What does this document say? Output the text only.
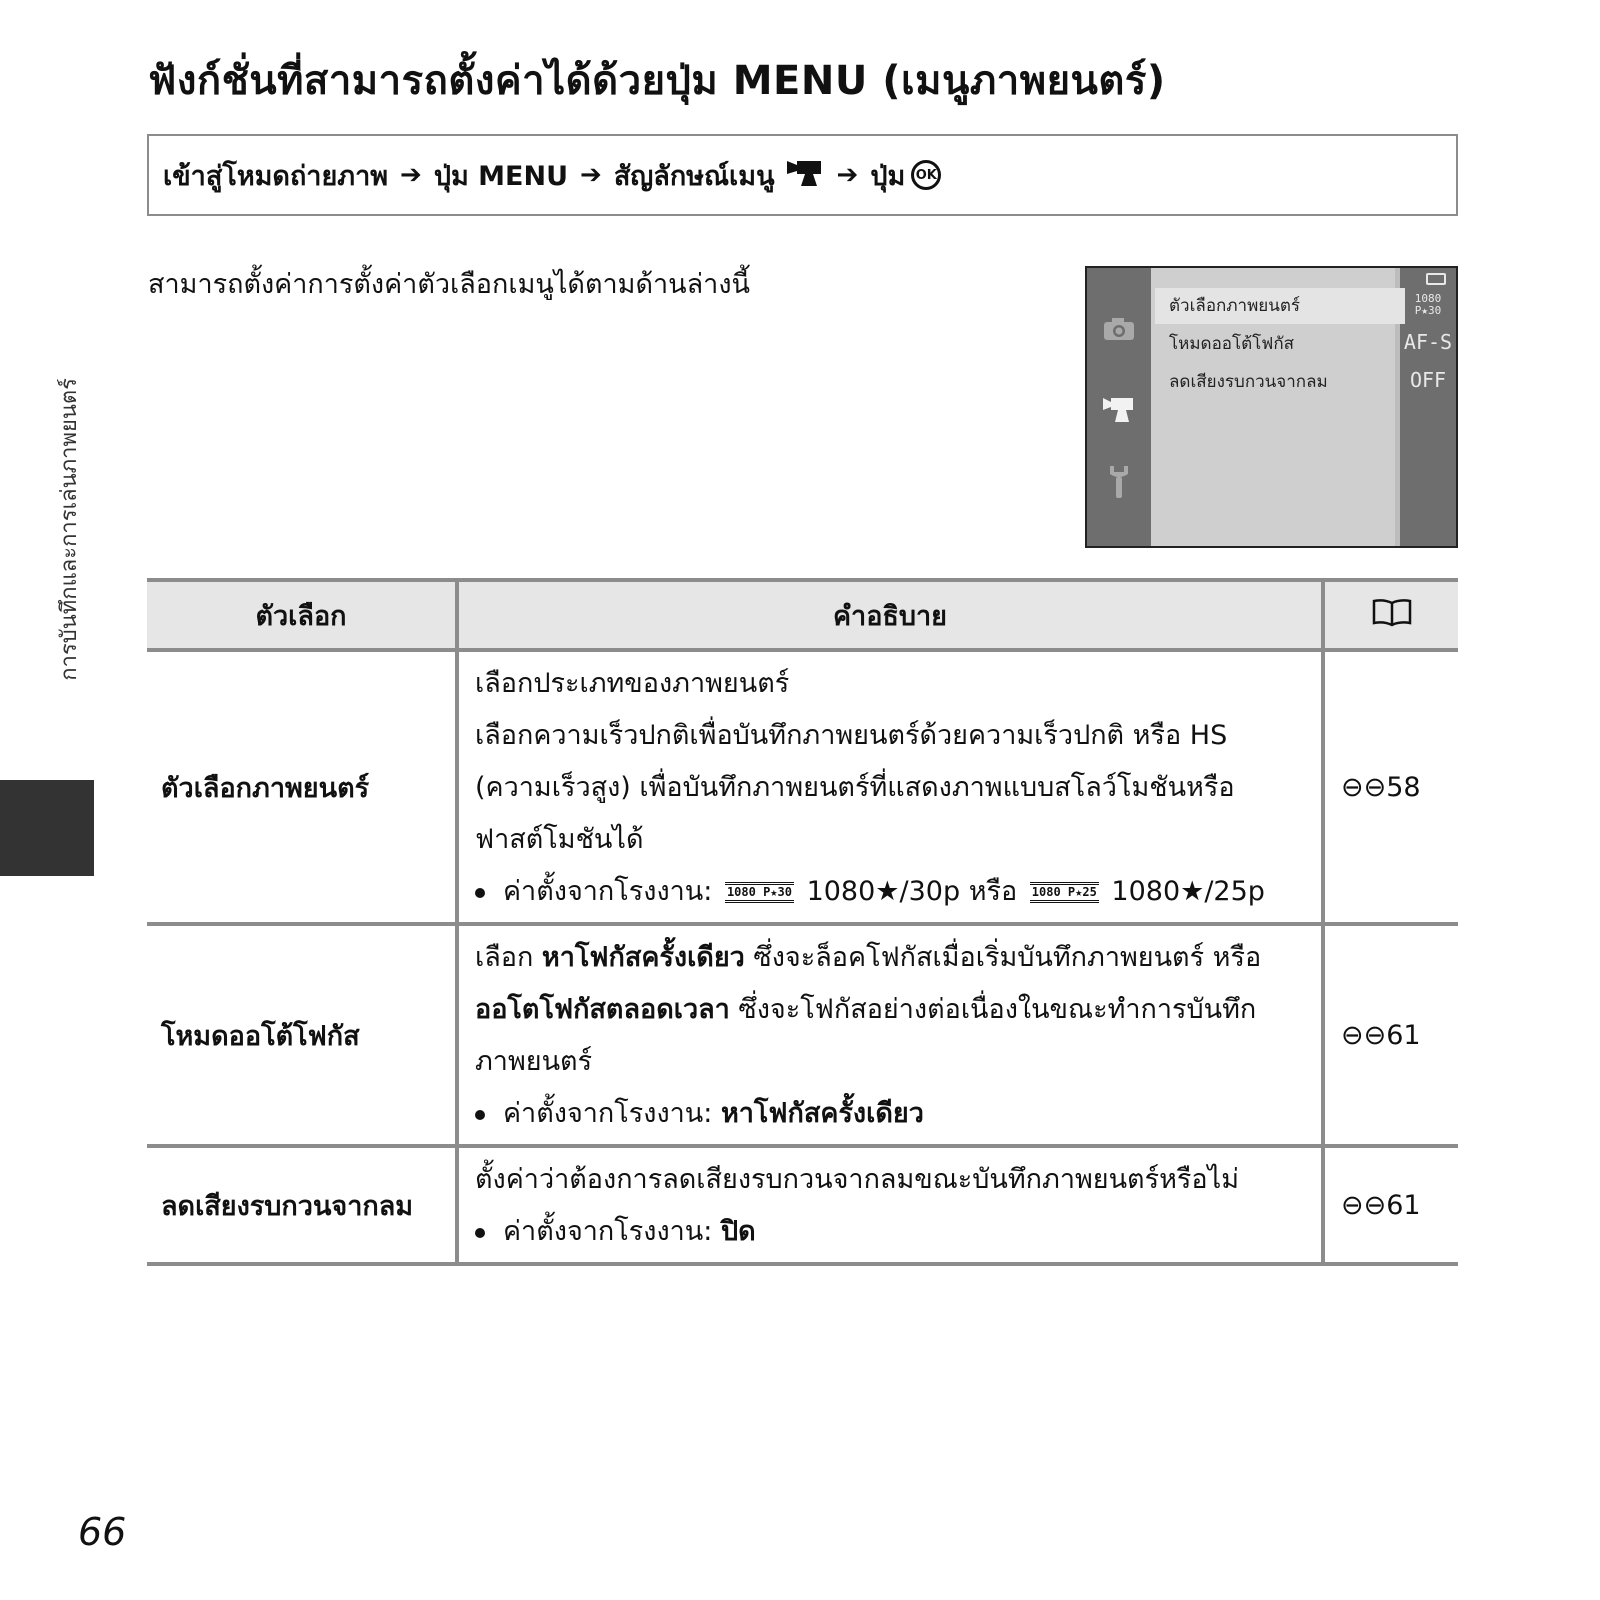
ฟังก์ชั่นที่สามารถตั้งค่าได้ด้วยปุ่ม MENU (เมนูภาพยนตร์)
เข้าสู่โหมดถ่ายภาพ ➔ ปุ่ม MENU ➔ สัญลักษณ์เมนู ➔ ปุ่ม OK

สามารถตั้งค่าการตั้งค่าตัวเลือกเมนูได้ตามด้านล่างนี้

ตัวเลือกภาพยนตร์
โหมดออโต้โฟกัส
ลดเสียงรบกวนจากลม
1080 P★30
AF-S
OFF
ตัวเลือก	คำอธิบาย	
ตัวเลือกภาพยนตร์	เลือกประเภทของภาพยนตร์
เลือกความเร็วปกติเพื่อบันทึกภาพยนตร์ด้วยความเร็วปกติ หรือ HS
(ความเร็วสูง) เพื่อบันทึกภาพยนตร์ที่แสดงภาพแบบสโลว์โมชันหรือ
ฟาสต์โมชันได้
ค่าตั้งจากโรงงาน: 1080 P★30 1080★/30p หรือ 1080 P★25 1080★/25p	⊖⊖58
โหมดออโต้โฟกัส	เลือก หาโฟกัสครั้งเดียว ซึ่งจะล็อคโฟกัสเมื่อเริ่มบันทึกภาพยนตร์ หรือ
ออโตโฟกัสตลอดเวลา ซึ่งจะโฟกัสอย่างต่อเนื่องในขณะทำการบันทึก
ภาพยนตร์
ค่าตั้งจากโรงงาน: หาโฟกัสครั้งเดียว	⊖⊖61
ลดเสียงรบกวนจากลม	ตั้งค่าว่าต้องการลดเสียงรบกวนจากลมขณะบันทึกภาพยนตร์หรือไม่
ค่าตั้งจากโรงงาน: ปิด	⊖⊖61
การบันทึกและการเล่นภาพยนตร์

66
